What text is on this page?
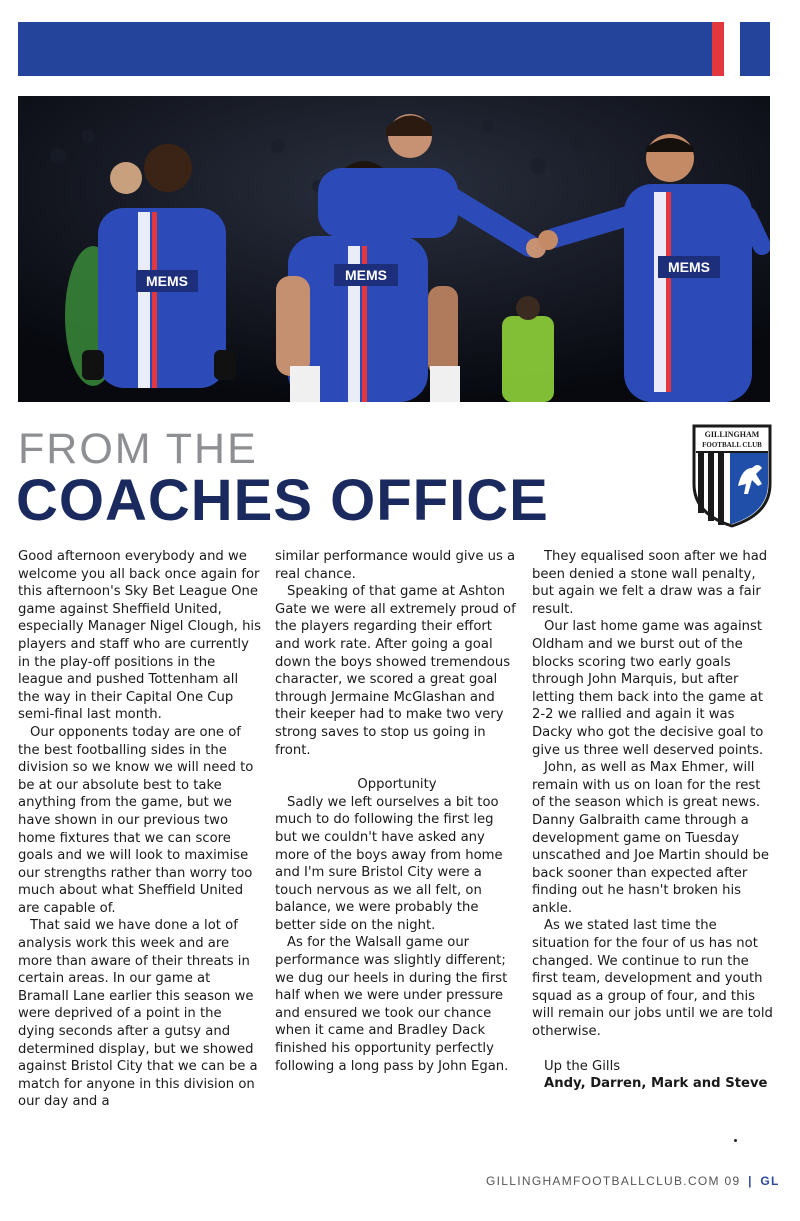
MEMS	MEMS	MEMS
FROM THE
COACHES OFFICE
GILLINGHAM
FOOTBALL CLUB

Good afternoon everybody and we welcome you all back once again for this afternoon's Sky Bet League One game against Sheffield United, especially Manager Nigel Clough, his players and staff who are currently in the play-off positions in the league and pushed Tottenham all the way in their Capital One Cup semi-final last month.

Our opponents today are one of the best footballing sides in the division so we know we will need to be at our absolute best to take anything from the game, but we have shown in our previous two home fixtures that we can score goals and we will look to maximise our strengths rather than worry too much about what Sheffield United are capable of.

That said we have done a lot of analysis work this week and are more than aware of their threats in certain areas. In our game at Bramall Lane earlier this season we were deprived of a point in the dying seconds after a gutsy and determined display, but we showed against Bristol City that we can be a match for anyone in this division on our day and a

similar performance would give us a real chance.

Speaking of that game at Ashton Gate we were all extremely proud of the players regarding their effort and work rate. After going a goal down the boys showed tremendous character, we scored a great goal through Jermaine McGlashan and their keeper had to make two very strong saves to stop us going in front.

Opportunity

Sadly we left ourselves a bit too much to do following the first leg but we couldn't have asked any more of the boys away from home and I'm sure Bristol City were a touch nervous as we all felt, on balance, we were probably the better side on the night.

As for the Walsall game our performance was slightly different; we dug our heels in during the first half when we were under pressure and ensured we took our chance when it came and Bradley Dack finished his opportunity perfectly following a long pass by John Egan.

They equalised soon after we had been denied a stone wall penalty, but again we felt a draw was a fair result.

Our last home game was against Oldham and we burst out of the blocks scoring two early goals through John Marquis, but after letting them back into the game at 2-2 we rallied and again it was Dacky who got the decisive goal to give us three well deserved points.

John, as well as Max Ehmer, will remain with us on loan for the rest of the season which is great news. Danny Galbraith came through a development game on Tuesday unscathed and Joe Martin should be back sooner than expected after finding out he hasn't broken his ankle.

As we stated last time the situation for the four of us has not changed. We continue to run the first team, development and youth squad as a group of four, and this will remain our jobs until we are told otherwise.

Up the Gills
Andy, Darren, Mark and Steve
GILLINGHAMFOOTBALLCLUB.COM 09 | GL
